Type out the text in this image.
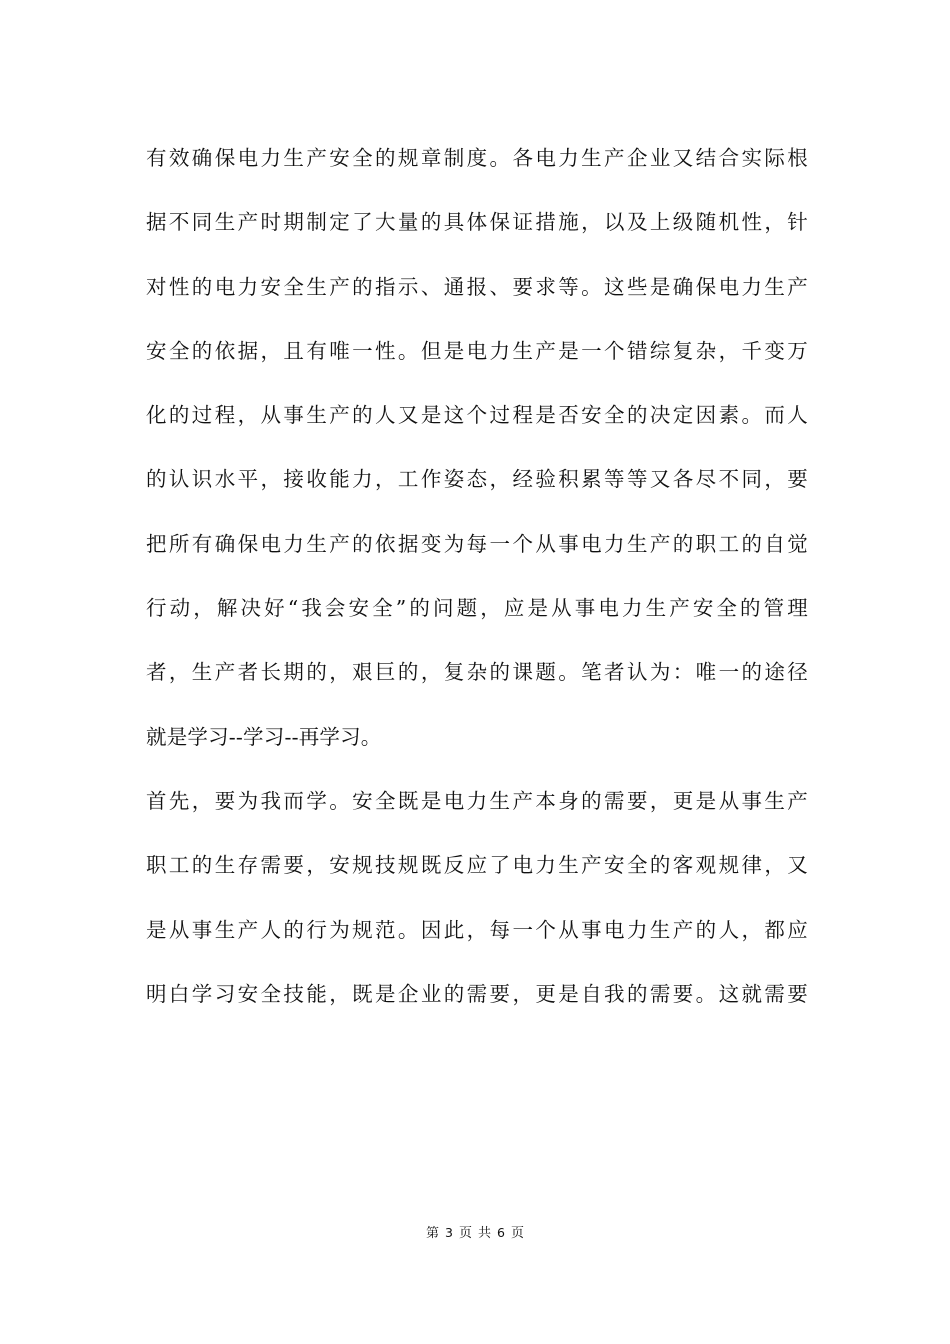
有效确保电力生产安全的规章制度。各电力生产企业又结合实际根
据不同生产时期制定了大量的具体保证措施，以及上级随机性，针
对性的电力安全生产的指示、通报、要求等。这些是确保电力生产
安全的依据，且有唯一性。但是电力生产是一个错综复杂，千变万
化的过程，从事生产的人又是这个过程是否安全的决定因素。而人
的认识水平，接收能力，工作姿态，经验积累等等又各尽不同，要
把所有确保电力生产的依据变为每一个从事电力生产的职工的自觉
行动，解决好“我会安全”的问题，应是从事电力生产安全的管理
者，生产者长期的，艰巨的，复杂的课题。笔者认为：唯一的途径
就是学习--学习--再学习。
首先，要为我而学。安全既是电力生产本身的需要，更是从事生产
职工的生存需要，安规技规既反应了电力生产安全的客观规律，又
是从事生产人的行为规范。因此，每一个从事电力生产的人，都应
明白学习安全技能，既是企业的需要，更是自我的需要。这就需要
第 3 页 共 6 页
